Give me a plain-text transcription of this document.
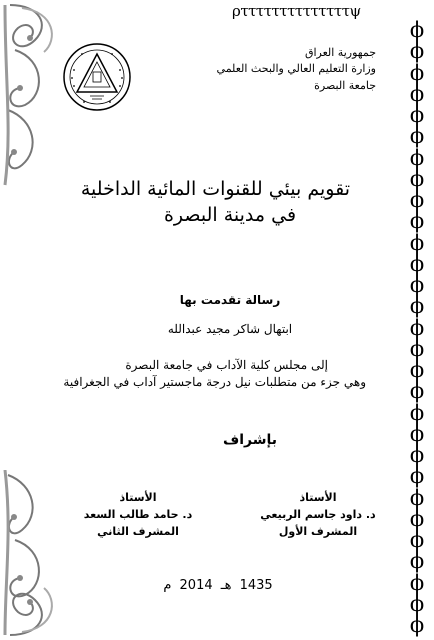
ρττττττττττττττψ
ϕ
ϕ
ϕ
ϕ
ϕ
ϕ
ϕ
ϕ
ϕ
ϕ
ϕ
ϕ
ϕ
ϕ
ϕ
ϕ
ϕ
ϕ
ϕ
ϕ
ϕ
ϕ
ϕ
ϕ
ϕ
ϕ
ϕ
ϕ
ϕ
جمهورية العراق
وزارة التعليم العالي والبحث العلمي
جامعة البصرة
تقويم بيئي للقنوات المائية الداخلية
في مدينة البصرة
رسالة تقدمت بها
ابتهال شاكر مجيد عبدالله
إلى مجلس كلية الآداب في جامعة البصرة
وهي جزء من متطلبات نيل درجة ماجستير آداب في الجغرافية
بإشراف
الأستاذ
د. داود جاسم الربيعي
المشرف الأول
الأستاذ
د. حامد طالب السعد
المشرف الثاني
1435 هـ 2014 م
